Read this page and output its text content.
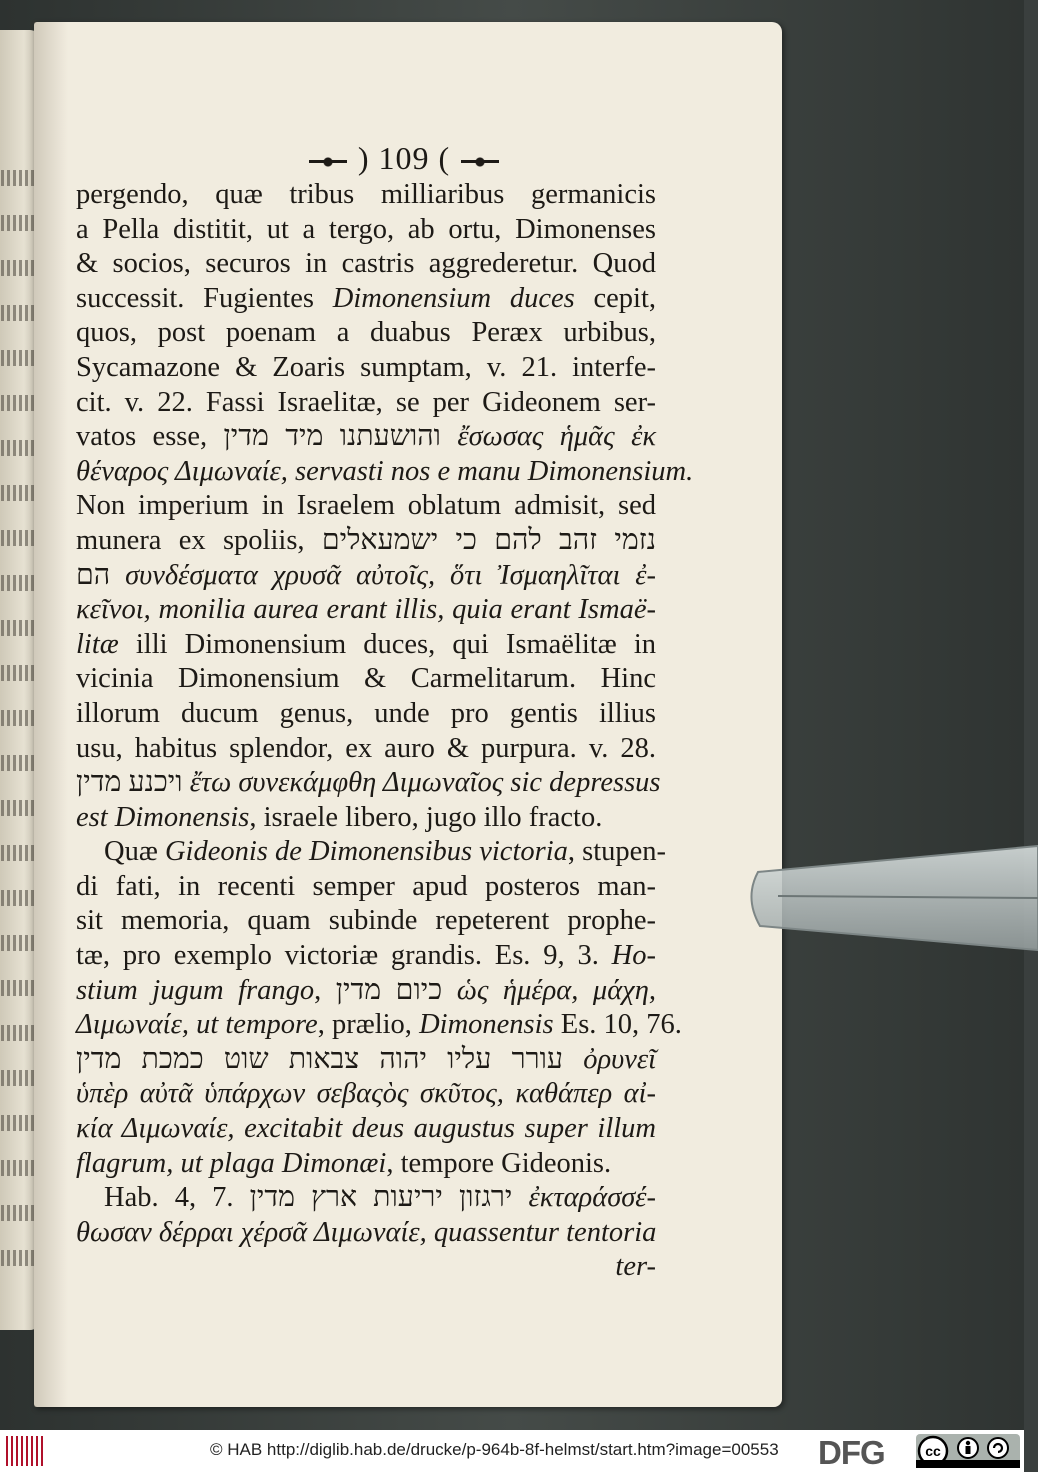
) 109 (
pergendo, quæ tribus milliaribus germanicis
a Pella distitit, ut a tergo, ab ortu, Dimonenses
& socios, securos in castris aggrederetur. Quod
successit. Fugientes Dimonensium duces cepit,
quos, post poenam a duabus Peræx urbibus,
Sycamazone & Zoaris sumptam, v. 21. interfe-
cit. v. 22. Fassi Israelitæ, se per Gideonem ser-
vatos esse, והושעתנו מיד מדין ἔσωσας ἡμᾶς ἐκ
θέναρος Διμωναίε, servasti nos e manu Dimonensium.
Non imperium in Israelem oblatum admisit, sed
munera ex spoliis, נזמי זהב להם כי ישמעאלים
הם συνδέσματα χρυσᾶ αὐτοῖς, ὅτι Ἰσμαηλῖται ἐ-
κεῖνοι, monilia aurea erant illis, quia erant Ismaë-
litæ illi Dimonensium duces, qui Ismaëlitæ in
vicinia Dimonensium & Carmelitarum. Hinc
illorum ducum genus, unde pro gentis illius
usu, habitus splendor, ex auro & purpura. v. 28.
ויכנע מדין ἔτω συνεκάμφθη Διμωναῖος sic depressus
est Dimonensis, israele libero, jugo illo fracto.
Quæ Gideonis de Dimonensibus victoria, stupen-
di fati, in recenti semper apud posteros man-
sit memoria, quam subinde repeterent prophe-
tæ, pro exemplo victoriæ grandis. Es. 9, 3. Ho-
stium jugum frango, כיום מדין ὡς ἡμέρα, μάχη,
Διμωναίε, ut tempore, prælio, Dimonensis Es. 10, 76.
עורר עליו יהוה צבאות שוט כמכת מדין ὀρυνεῖ
ὑπὲρ αὐτᾶ ὑπάρχων σεβαςὸς σκῦτος, καθάπερ αἰ-
κία Διμωναίε, excitabit deus augustus super illum
flagrum, ut plaga Dimonæi, tempore Gideonis.
Hab. 4, 7. ירגזון יריעות ארץ מדין ἐκταράσσέ-
θωσαν δέρραι χέρσᾶ Διμωναίε, quassentur tentoria
ter-
© HAB http://diglib.hab.de/drucke/p-964b-8f-helmst/start.htm?image=00553 DFG	cc
